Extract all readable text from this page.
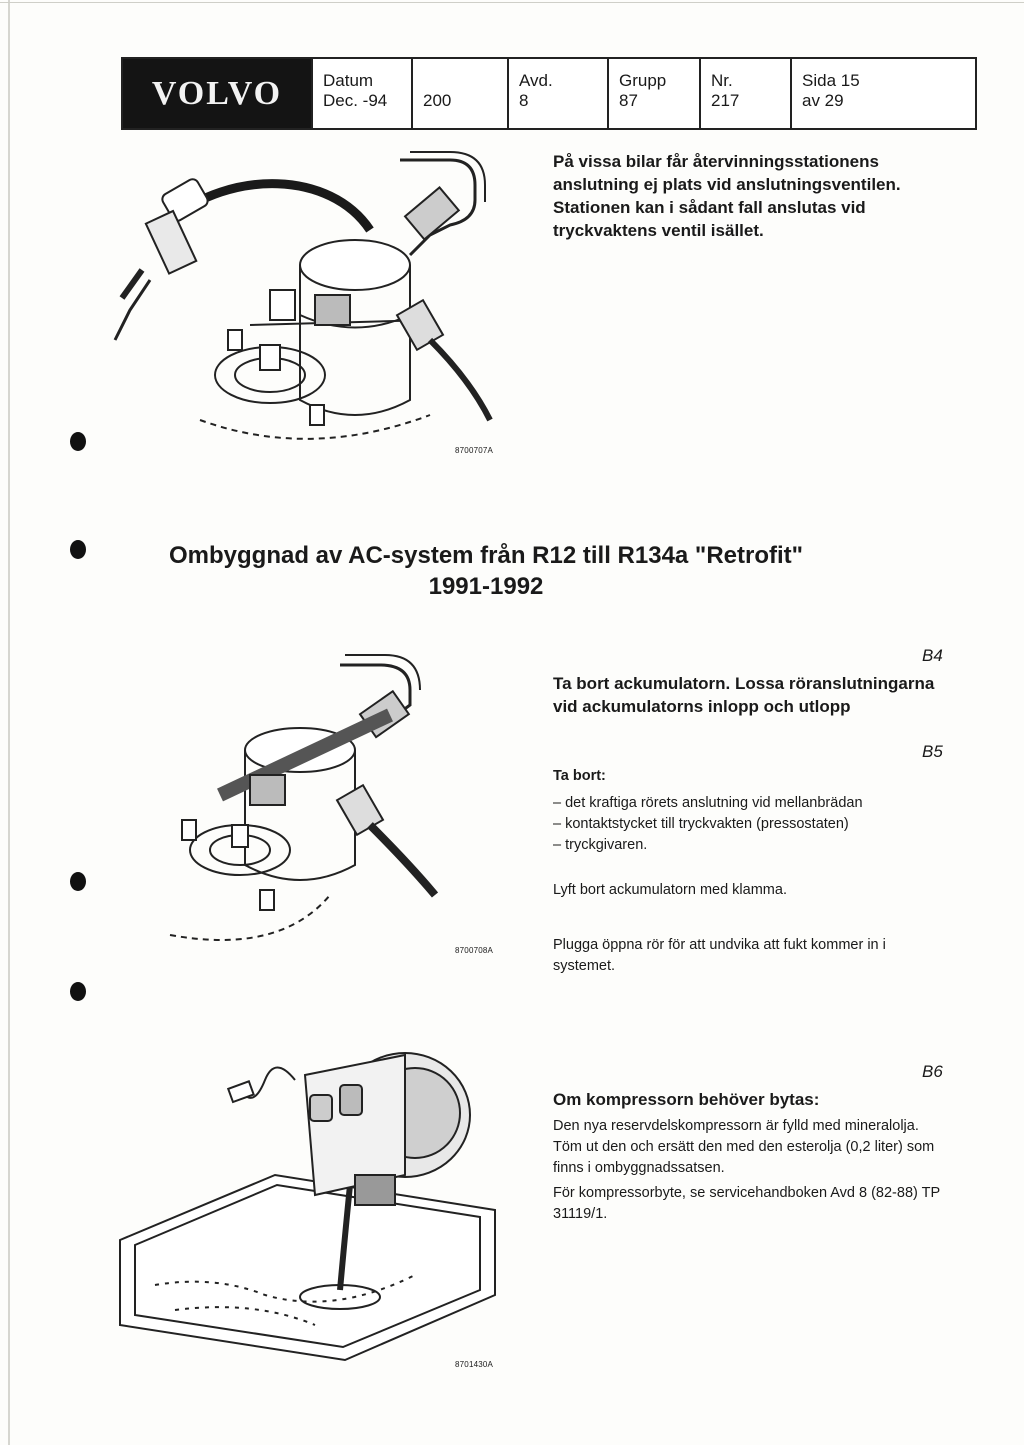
VOLVO	Datum
Dec. -94	200
Avd.
8
Grupp
87
Nr.
217
Sida 15
av 29
8700707A
På vissa bilar får återvinningsstationens anslutning ej plats vid anslutningsventilen. Stationen kan i sådant fall anslutas vid tryckvaktens ventil isället.
Ombyggnad av AC-system från R12 till R134a "Retrofit"
1991-1992
8700708A
B4
Ta bort ackumulatorn. Lossa röranslutningarna vid ackumulatorns inlopp och utlopp
B5
Ta bort:
– det kraftiga rörets anslutning vid mellanbrädan
– kontaktstycket till tryckvakten (pressostaten)
– tryckgivaren.
Lyft bort ackumulatorn med klamma.
Plugga öppna rör för att undvika att fukt kommer in i systemet.
8701430A
B6
Om kompressorn behöver bytas:
Den nya reservdelskompressorn är fylld med mineralolja. Töm ut den och ersätt den med den esterolja (0,2 liter) som finns i ombyggnadssatsen.
För kompressorbyte, se servicehandboken Avd 8 (82-88) TP 31119/1.
